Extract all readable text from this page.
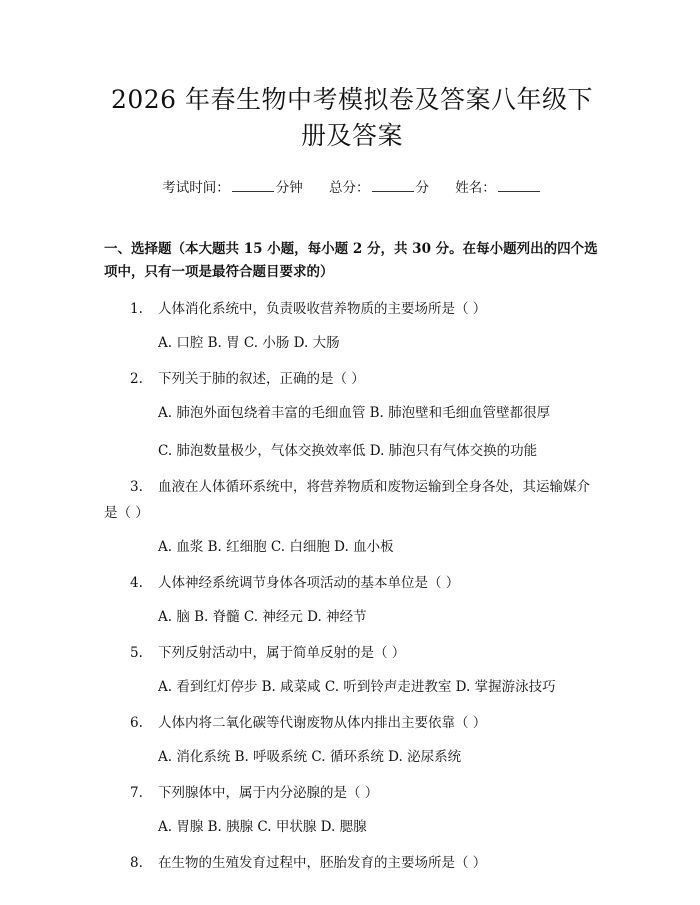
2026 年春生物中考模拟卷及答案八年级下册及答案
考试时间：	分钟 总分：	分 姓名：
一、选择题（本大题共 15 小题，每小题 2 分，共 30 分。在每小题列出的四个选项中，只有一项是最符合题目要求的）
1. 人体消化系统中，负责吸收营养物质的主要场所是（ ）
A. 口腔 B. 胃 C. 小肠 D. 大肠
2. 下列关于肺的叙述，正确的是（ ）
A. 肺泡外面包绕着丰富的毛细血管 B. 肺泡壁和毛细血管壁都很厚
C. 肺泡数量极少，气体交换效率低 D. 肺泡只有气体交换的功能
3. 血液在人体循环系统中，将营养物质和废物运输到全身各处，其运输媒介是（ ）
A. 血浆 B. 红细胞 C. 白细胞 D. 血小板
4. 人体神经系统调节身体各项活动的基本单位是（ ）
A. 脑 B. 脊髓 C. 神经元 D. 神经节
5. 下列反射活动中，属于简单反射的是（ ）
A. 看到红灯停步 B. 咸菜咸 C. 听到铃声走进教室 D. 掌握游泳技巧
6. 人体内将二氧化碳等代谢废物从体内排出主要依靠（ ）
A. 消化系统 B. 呼吸系统 C. 循环系统 D. 泌尿系统
7. 下列腺体中，属于内分泌腺的是（ ）
A. 胃腺 B. 胰腺 C. 甲状腺 D. 腮腺
8. 在生物的生殖发育过程中，胚胎发育的主要场所是（ ）
